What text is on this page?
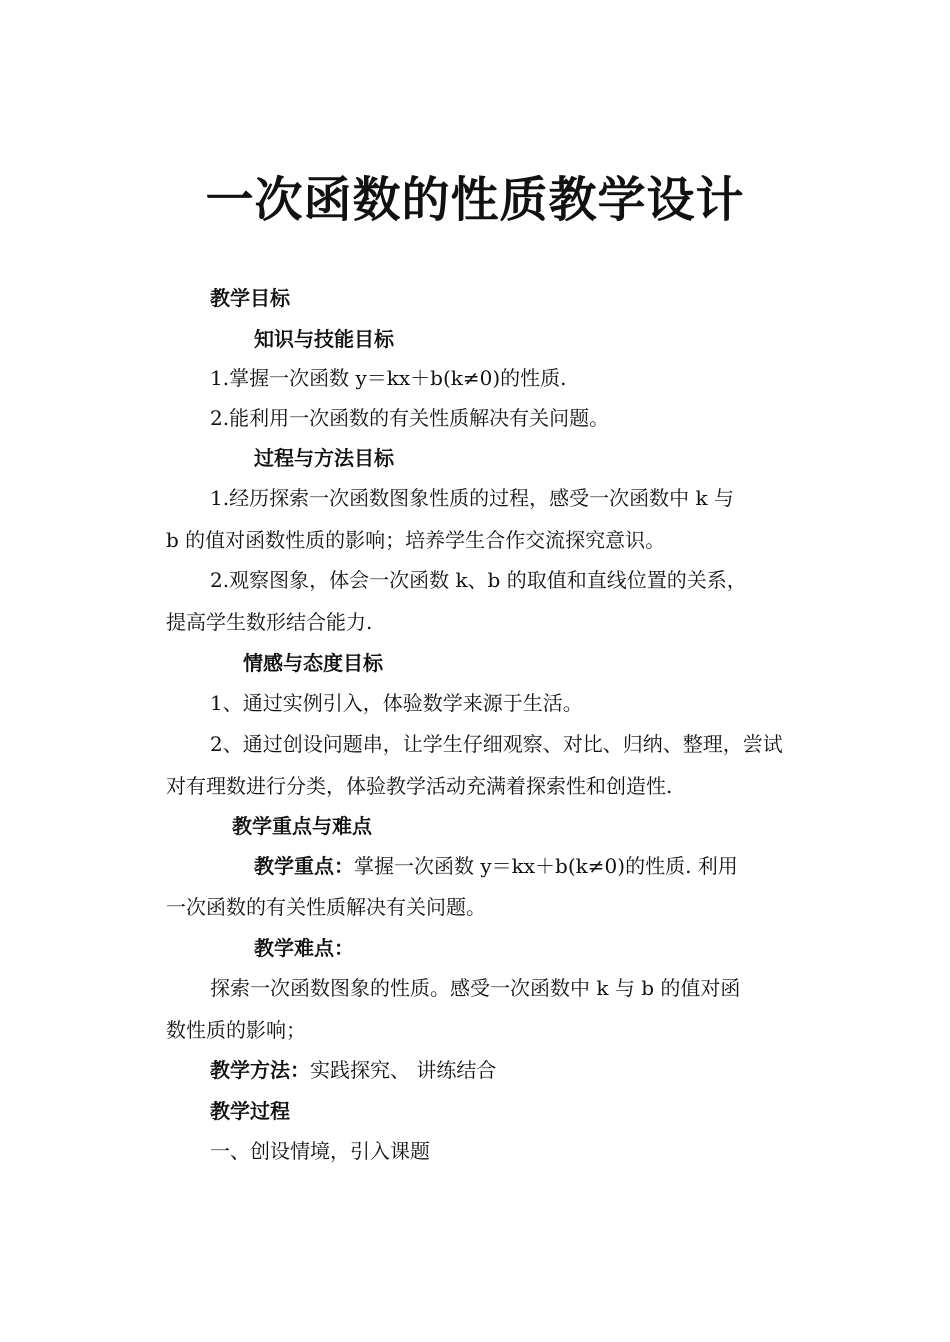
一次函数的性质教学设计
教学目标
知识与技能目标
1.掌握一次函数 y＝kx＋b(k≠0)的性质.
2.能利用一次函数的有关性质解决有关问题。
过程与方法目标
1.经历探索一次函数图象性质的过程，感受一次函数中 k 与
b 的值对函数性质的影响；培养学生合作交流探究意识。
2.观察图象，体会一次函数 k、b 的取值和直线位置的关系，
提高学生数形结合能力.
情感与态度目标
1、通过实例引入，体验数学来源于生活。
2、通过创设问题串，让学生仔细观察、对比、归纳、整理，尝试
对有理数进行分类，体验教学活动充满着探索性和创造性.
教学重点与难点
教学重点：掌握一次函数 y＝kx＋b(k≠0)的性质. 利用
一次函数的有关性质解决有关问题。
教学难点：
探索一次函数图象的性质。感受一次函数中 k 与 b 的值对函
数性质的影响；
教学方法：实践探究、 讲练结合
教学过程
一、创设情境，引入课题
